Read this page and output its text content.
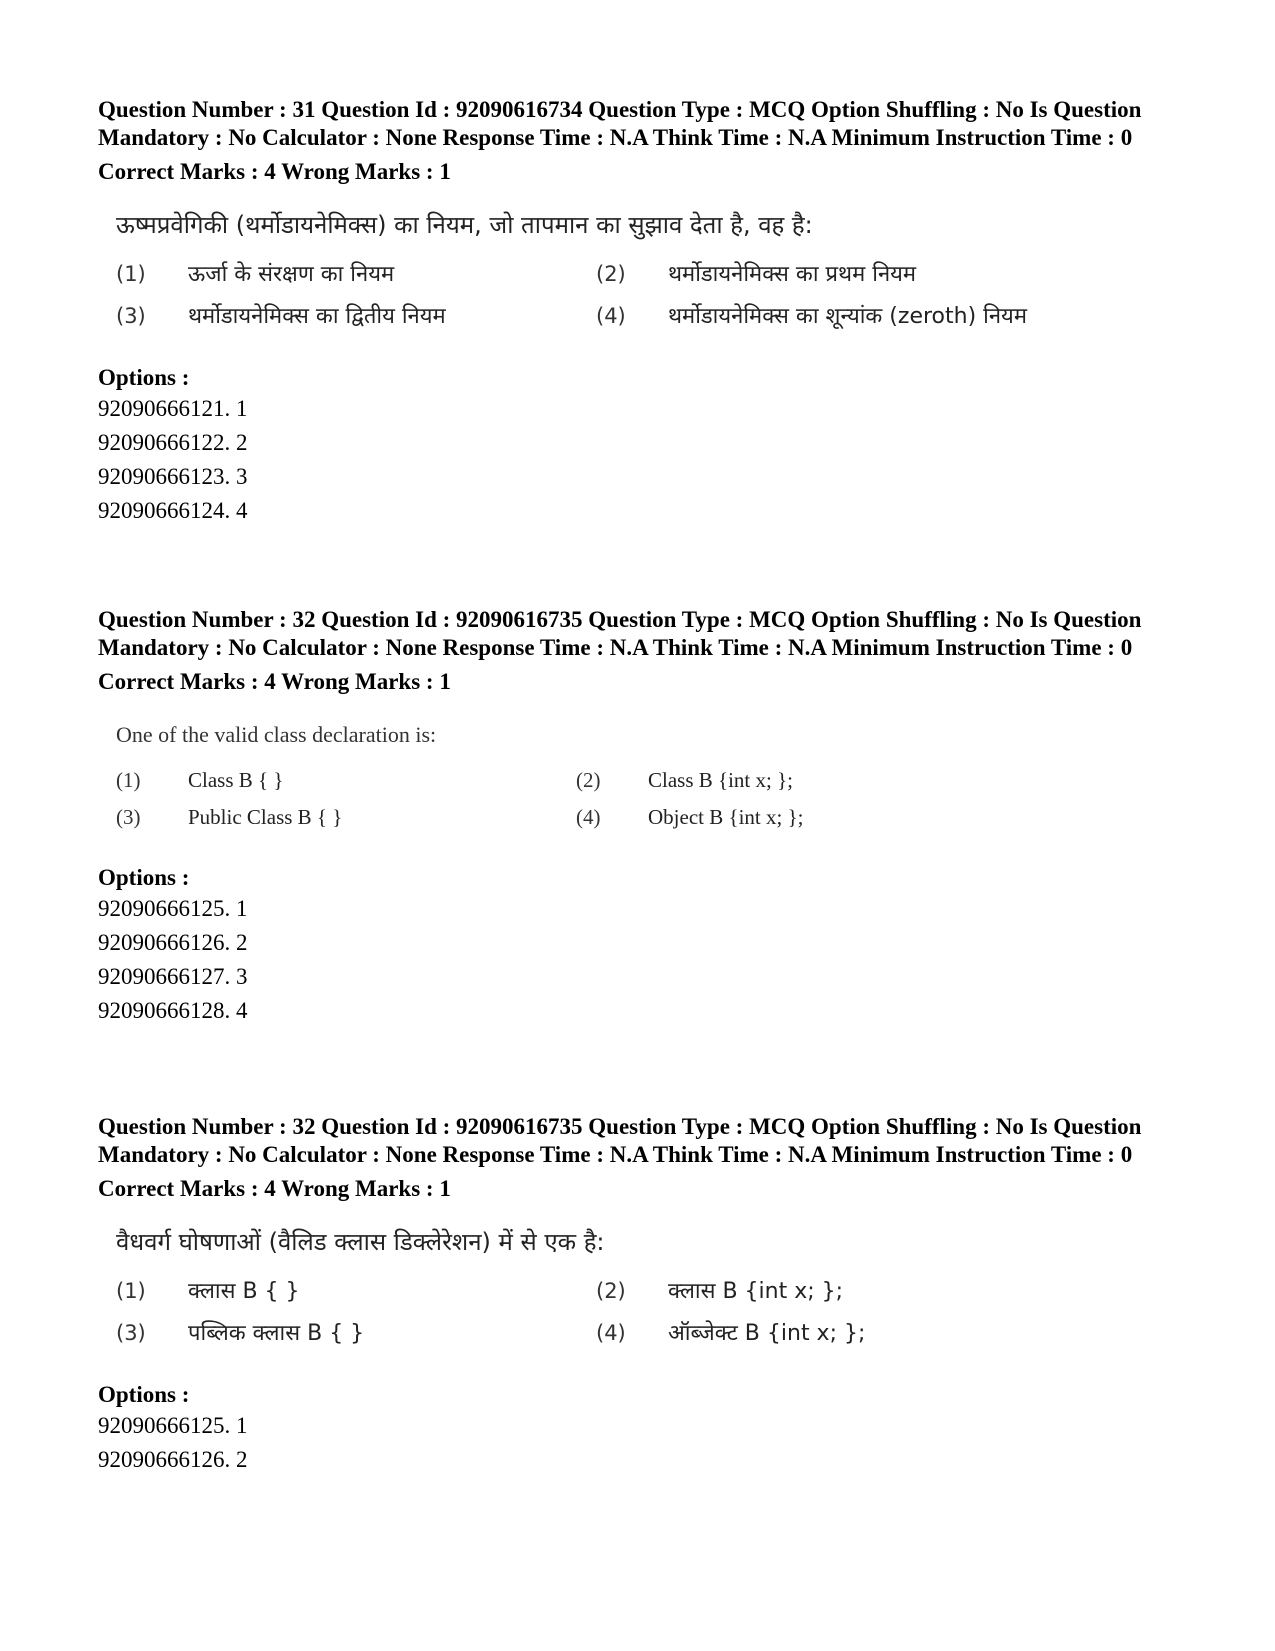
Question Number : 31 Question Id : 92090616734 Question Type : MCQ Option Shuffling : No Is Question Mandatory : No Calculator : None Response Time : N.A Think Time : N.A Minimum Instruction Time : 0

Correct Marks : 4 Wrong Marks : 1
ऊष्मप्रवेगिकी (थर्मोडायनेमिक्स) का नियम, जो तापमान का सुझाव देता है, वह है:
(1)	ऊर्जा के संरक्षण का नियम	(2)	थर्मोडायनेमिक्स का प्रथम नियम
(3)	थर्मोडायनेमिक्स का द्वितीय नियम	(4)	थर्मोडायनेमिक्स का शून्यांक (zeroth) नियम
Options :
92090666121. 1
92090666122. 2
92090666123. 3
92090666124. 4

Question Number : 32 Question Id : 92090616735 Question Type : MCQ Option Shuffling : No Is Question Mandatory : No Calculator : None Response Time : N.A Think Time : N.A Minimum Instruction Time : 0

Correct Marks : 4 Wrong Marks : 1
One of the valid class declaration is:
(1)	Class B { }	(2)	Class B {int x; };
(3)	Public Class B { }	(4)	Object B {int x; };
Options :
92090666125. 1
92090666126. 2
92090666127. 3
92090666128. 4

Question Number : 32 Question Id : 92090616735 Question Type : MCQ Option Shuffling : No Is Question Mandatory : No Calculator : None Response Time : N.A Think Time : N.A Minimum Instruction Time : 0

Correct Marks : 4 Wrong Marks : 1
वैधवर्ग घोषणाओं (वैलिड क्लास डिक्लेरेशन) में से एक है:
(1)	क्लास B { }	(2)	क्लास B {int x; };
(3)	पब्लिक क्लास B { }	(4)	ऑब्जेक्ट B {int x; };
Options :
92090666125. 1
92090666126. 2
